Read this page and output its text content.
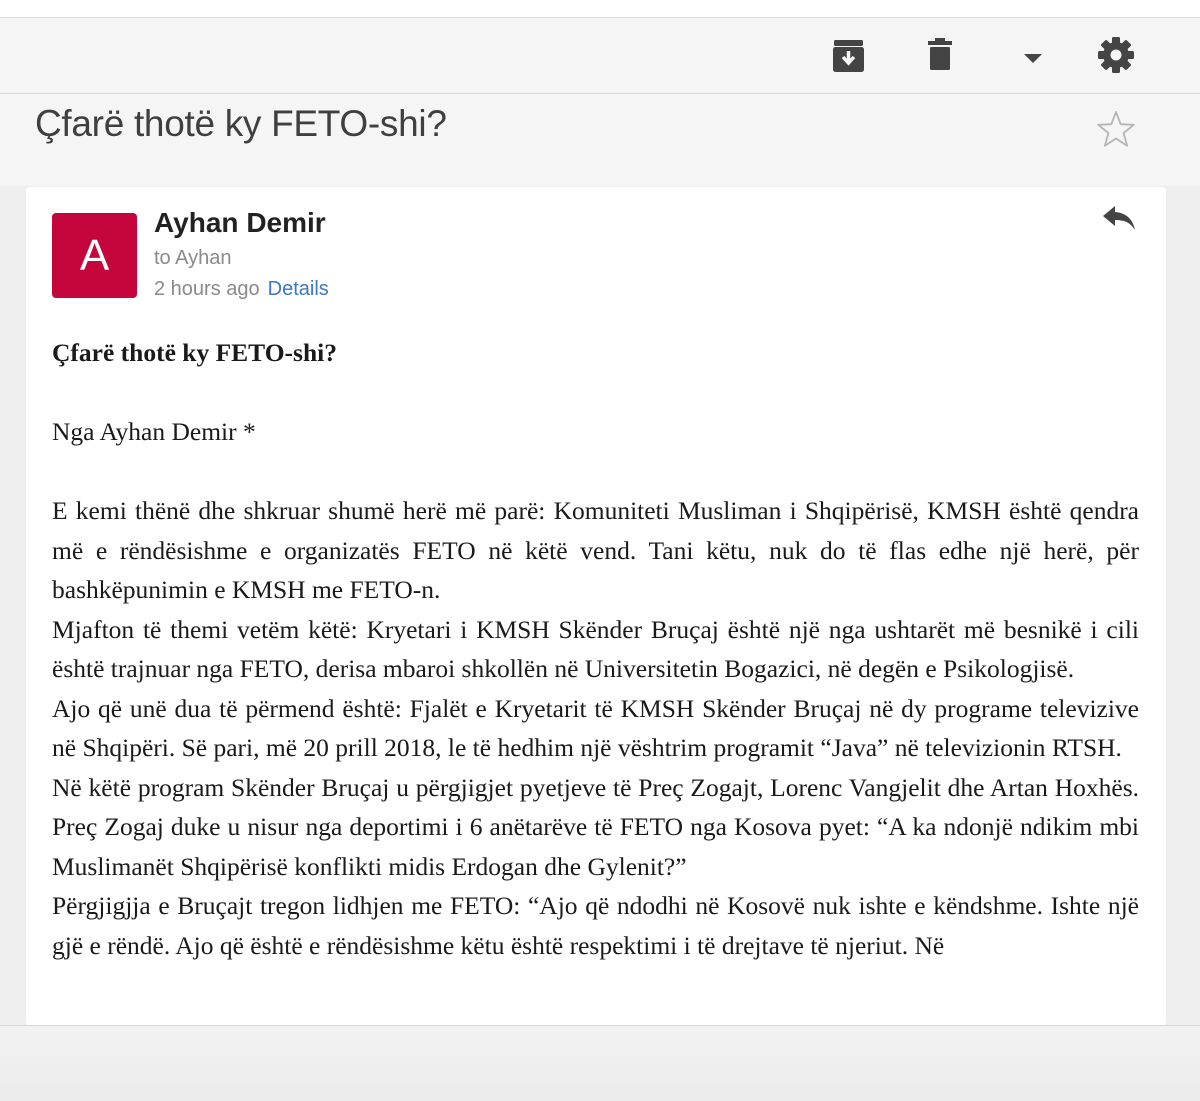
Çfarë thotë ky FETO-shi?
A
Ayhan Demir
to Ayhan
2 hours ago Details

Çfarë thotë ky FETO-shi?

Nga Ayhan Demir *

E kemi thënë dhe shkruar shumë herë më parë: Komuniteti Musliman i Shqipërisë, KMSH është qendra më e rëndësishme e organizatës FETO në këtë vend. Tani këtu, nuk do të flas edhe një herë, për bashkëpunimin e KMSH me FETO-n.

Mjafton të themi vetëm këtë: Kryetari i KMSH Skënder Bruçaj është një nga ushtarët më besnikë i cili është trajnuar nga FETO, derisa mbaroi shkollën në Universitetin Bogazici, në degën e Psikologjisë.

Ajo që unë dua të përmend është: Fjalët e Kryetarit të KMSH Skënder Bruçaj në dy programe televizive në Shqipëri. Së pari, më 20 prill 2018, le të hedhim një vështrim programit “Java” në televizionin RTSH.

Në këtë program Skënder Bruçaj u përgjigjet pyetjeve të Preç Zogajt, Lorenc Vangjelit dhe Artan Hoxhës. Preç Zogaj duke u nisur nga deportimi i 6 anëtarëve të FETO nga Kosova pyet: “A ka ndonjë ndikim mbi Muslimanët Shqipërisë konflikti midis Erdogan dhe Gylenit?”

Përgjigjja e Bruçajt tregon lidhjen me FETO: “Ajo që ndodhi në Kosovë nuk ishte e këndshme. Ishte një gjë e rëndë. Ajo që është e rëndësishme këtu është respektimi i të drejtave të njeriut. Në
